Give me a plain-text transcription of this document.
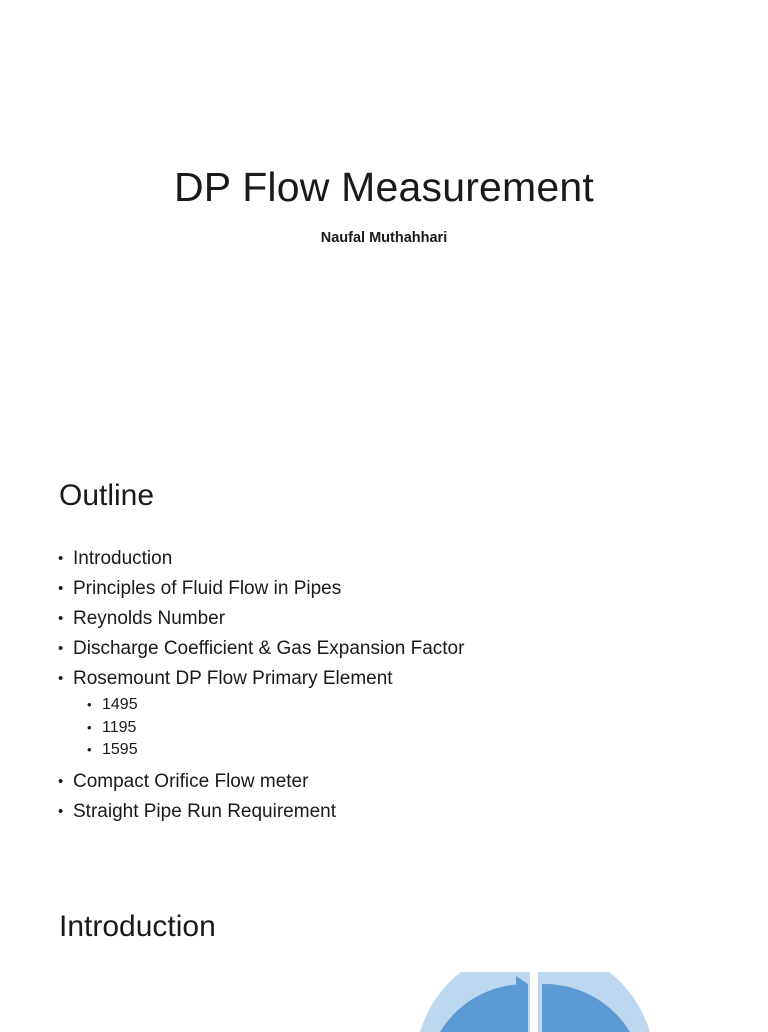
DP Flow Measurement
Naufal Muthahhari
Outline
• Introduction
• Principles of Fluid Flow in Pipes
• Reynolds Number
• Discharge Coefficient & Gas Expansion Factor
• Rosemount DP Flow Primary Element
• 1495
• 1195
• 1595
• Compact Orifice Flow meter
• Straight Pipe Run Requirement
Introduction
